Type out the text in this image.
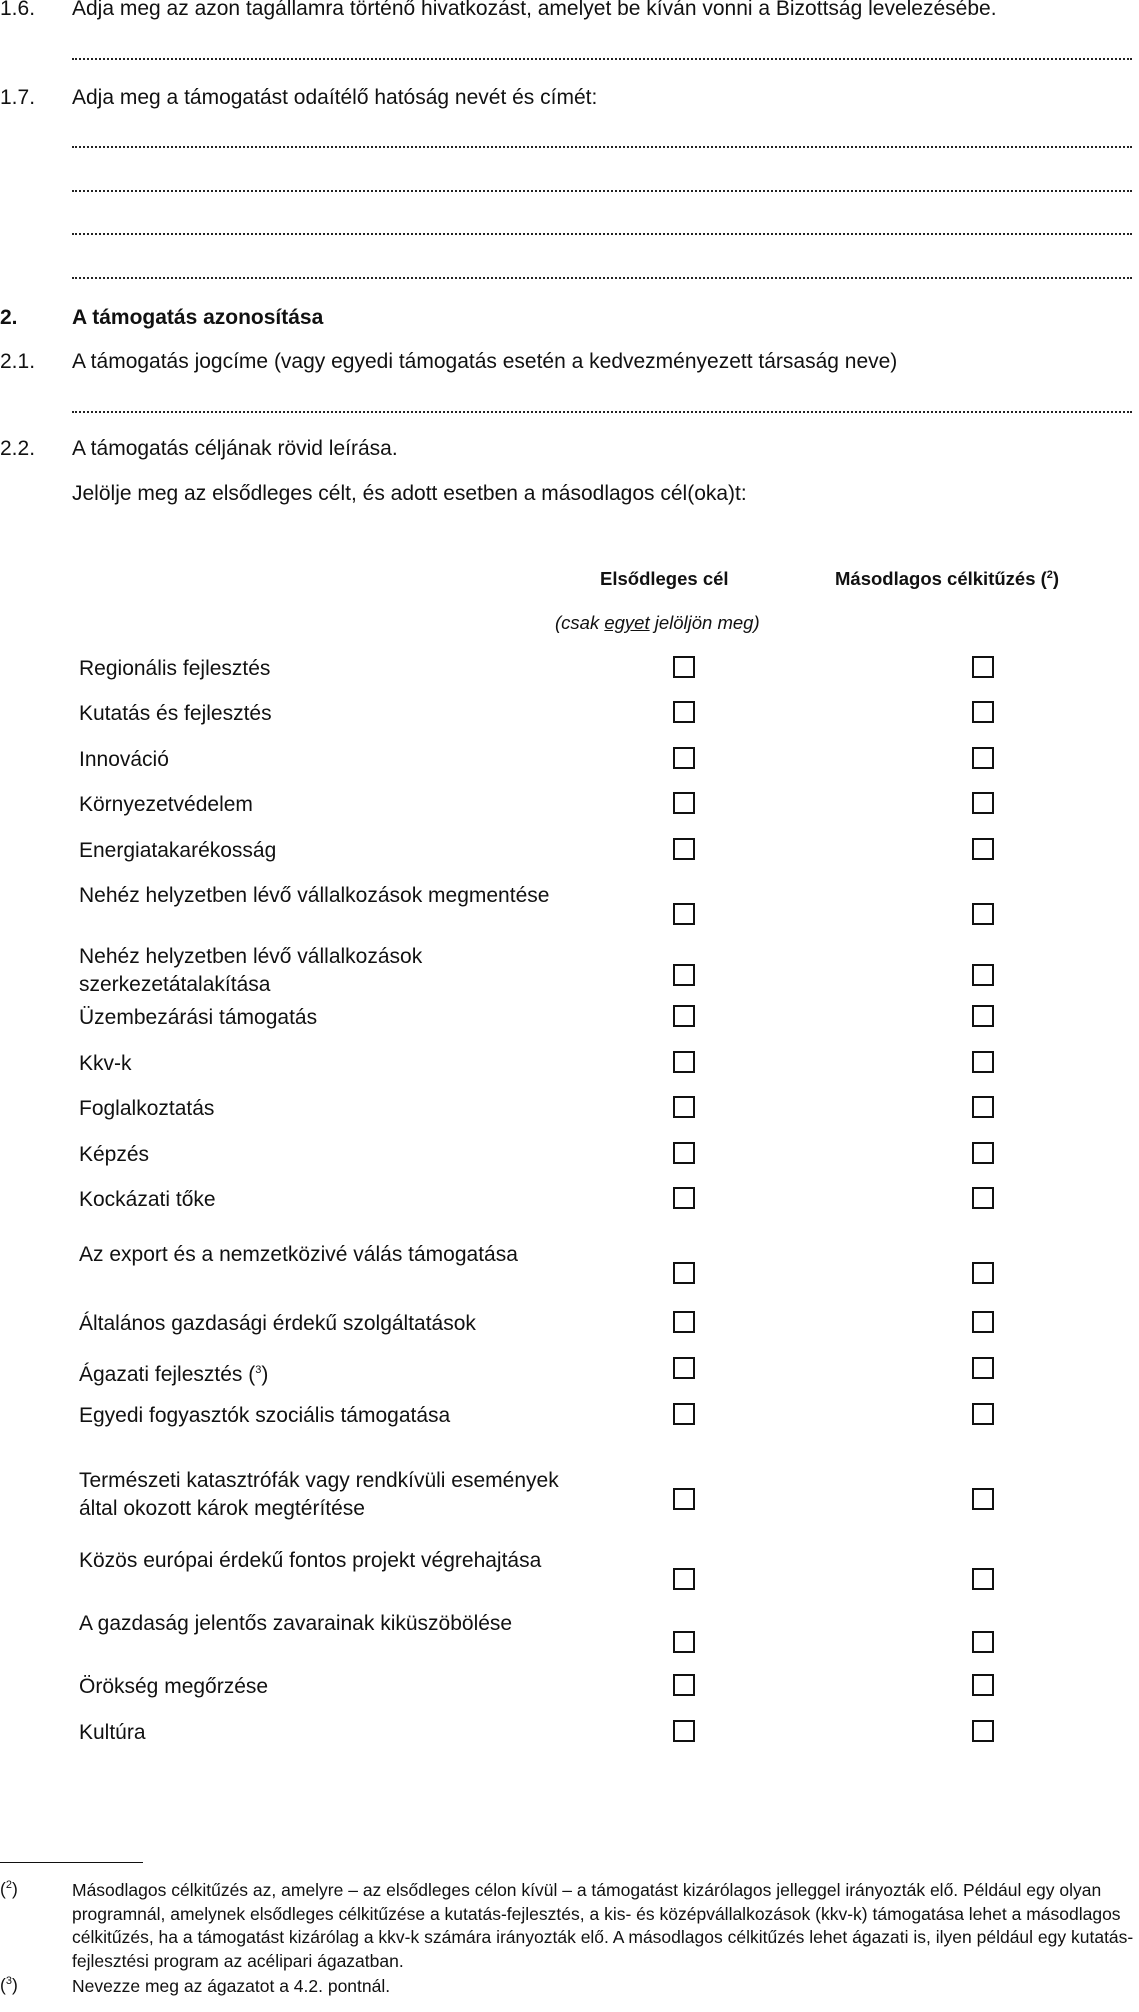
1.6. Adja meg az azon tagállamra történő hivatkozást, amelyet be kíván vonni a Bizottság levelezésébe.
1.7. Adja meg a támogatást odaítélő hatóság nevét és címét:
2.	A támogatás azonosítása
2.1. A támogatás jogcíme (vagy egyedi támogatás esetén a kedvezményezett társaság neve)
2.2. A támogatás céljának rövid leírása.
Jelölje meg az elsődleges célt, és adott esetben a másodlagos cél(oka)t:
Elsődleges cél	Másodlagos célkitűzés ($^2$)
(csak egyet jelöljön meg)
Regionális fejlesztés
Kutatás és fejlesztés
Innováció
Környezetvédelem
Energiatakarékosság
Nehéz helyzetben lévő vállalkozások megmentése
Nehéz helyzetben lévő vállalkozások szerkezetátalakítása
Üzembezárási támogatás
Kkv-k
Foglalkoztatás
Képzés
Kockázati tőke
Az export és a nemzetközivé válás támogatása
Általános gazdasági érdekű szolgáltatások
Ágazati fejlesztés ($^3$)
Egyedi fogyasztók szociális támogatása
Természeti katasztrófák vagy rendkívüli események által okozott károk megtérítése
Közös európai érdekű fontos projekt végrehajtása
A gazdaság jelentős zavarainak kiküszöbölése
Örökség megőrzése
Kultúra
($^2$)	Másodlagos célkitűzés az, amelyre – az elsődleges célon kívül – a támogatást kizárólagos jelleggel irányozták elő. Például egy olyan programnál, amelynek elsődleges célkitűzése a kutatás-fejlesztés, a kis- és középvállalkozások (kkv-k) támogatása lehet a másodlagos célkitűzés, ha a támogatást kizárólag a kkv-k számára irányozták elő. A másodlagos célkitűzés lehet ágazati is, ilyen például egy kutatás-fejlesztési program az acélipari ágazatban.
($^3$)	Nevezze meg az ágazatot a 4.2. pontnál.
